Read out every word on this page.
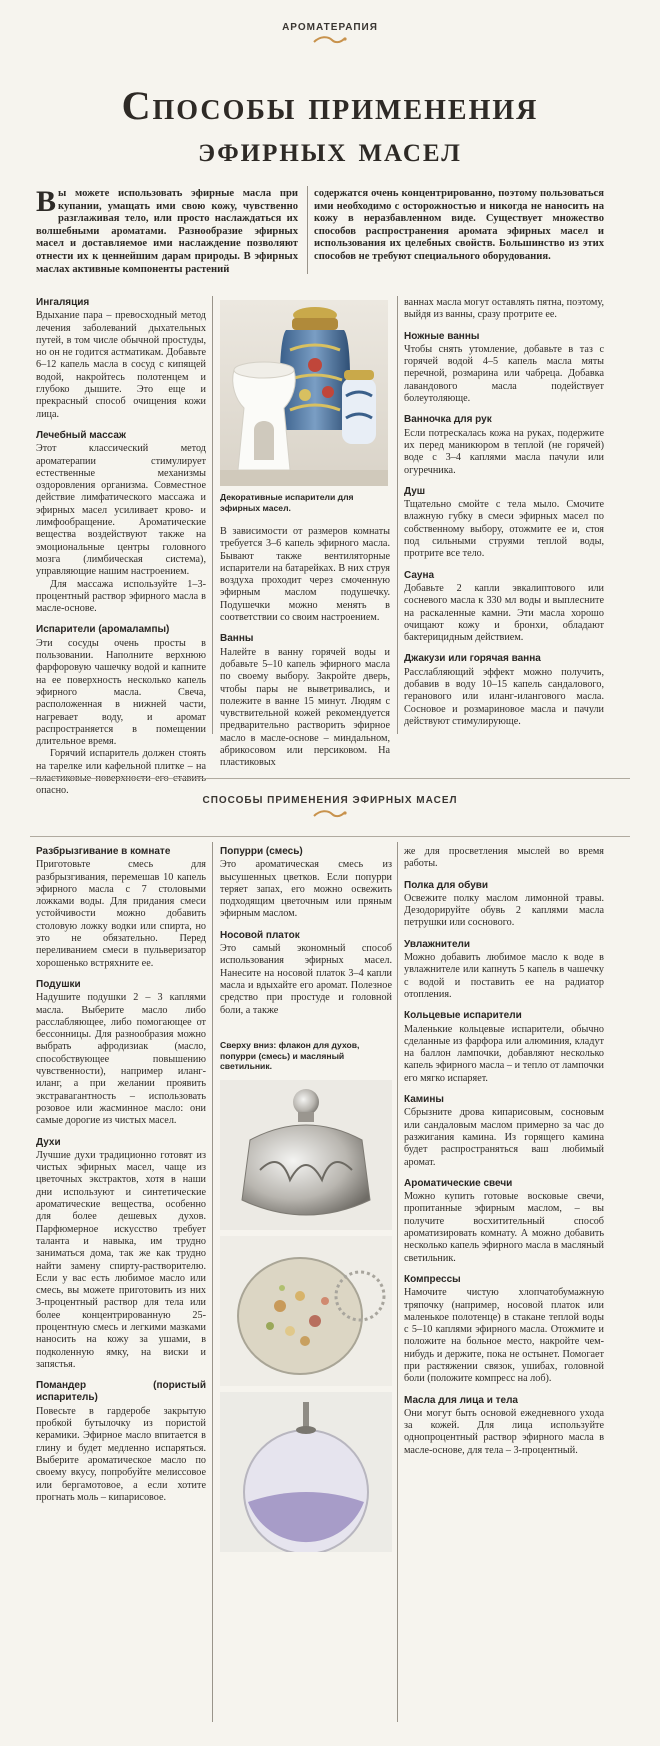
АРОМАТЕРАПИЯ
Способы применения
эфирных масел
Вы можете использовать эфирные масла при купании, умащать ими свою кожу, чувственно разглаживая тело, или просто наслаждаться их волшебными ароматами. Разнообразие эфирных масел и доставляемое ими наслаждение позволяют отнести их к ценнейшим дарам природы. В эфирных маслах активные компоненты растений
содержатся очень концентрированно, поэтому пользоваться ими необходимо с осторожностью и никогда не наносить на кожу в неразбавленном виде. Существует множество способов распространения аромата эфирных масел и использования их целебных свойств. Большинство из этих способов не требуют специального оборудования.
Ингаляция

Вдыхание пара – превосходный метод лечения заболеваний дыхательных путей, в том числе обычной простуды, но он не годится астматикам. Добавьте 6–12 капель масла в сосуд с кипящей водой, накройтесь полотенцем и глубоко дышите. Это еще и прекрасный способ очищения кожи лица.

Лечебный массаж

Этот классический метод ароматерапии стимулирует естественные механизмы оздоровления организма. Совместное действие лимфатического массажа и эфирных масел усиливает крово- и лимфообращение. Ароматические вещества воздействуют также на эмоциональные центры головного мозга (лимбическая система), управляющие нашим настроением.

Для массажа используйте 1–3-процентный раствор эфирного масла в масле-основе.

Испарители (аромалампы)

Эти сосуды очень просты в пользовании. Наполните верхнюю фарфоровую чашечку водой и капните на ее поверхность несколько капель эфирного масла. Свеча, расположенная в нижней части, нагревает воду, и аромат распространяется в помещении длительное время.

Горячий испаритель должен стоять на тарелке или кафельной плитке – на опасно.

Декоративные испарители для эфирных масел.

В зависимости от размеров комнаты требуется 3–6 капель эфирного масла. Бывают также вентиляторные испарители на батарейках. В них струя воздуха проходит через смоченную эфирным маслом подушечку. Подушечки можно менять в соответствии со своим настроением.

Ванны

Налейте в ванну горячей воды и добавьте 5–10 капель эфирного масла по своему выбору. Закройте дверь, чтобы пары не выветривались, и полежите в ванне 15 минут. Людям с чувствительной кожей рекомендуется предварительно растворить эфирное масло в масле-основе – миндальном, абрикосовом или персиковом. На пластиковых

ваннах масла могут оставлять пятна, поэтому, выйдя из ванны, сразу протрите ее.

Ножные ванны

Чтобы снять утомление, добавьте в таз с горячей водой 4–5 капель масла мяты перечной, розмарина или чабреца. Добавка лавандового масла подействует болеутоляюще.

Ванночка для рук

Если потрескалась кожа на руках, подержите их перед маникюром в теплой (не горячей) воде с 3–4 каплями масла пачули или огуречника.

Душ

Тщательно смойте с тела мыло. Смочите влажную губку в смеси эфирных масел по собственному выбору, отожмите ее и, стоя под сильными струями теплой воды, протрите все тело.

Сауна

Добавьте 2 капли эвкалиптового или сосневого масла к 330 мл воды и выплесните на раскаленные камни. Эти масла хорошо очищают кожу и бронхи, обладают бактерицидным действием.

Джакузи или горячая ванна

Расслабляющий эффект можно получить, добавив в воду 10–15 капель сандалового, геранового или иланг-илангового масла. Сосновое и розмариновое масла и пачули действуют стимулирующе.

СПОСОБЫ ПРИМЕНЕНИЯ ЭФИРНЫХ МАСЕЛ
Разбрызгивание в комнате

Приготовьте смесь для разбрызгивания, перемешав 10 капель эфирного масла с 7 столовыми ложками воды. Для придания смеси устойчивости можно добавить столовую ложку водки или спирта, но это не обязательно. Перед переливанием смеси в пульверизатор хорошенько встряхните ее.

Подушки

Надушите подушки 2 – 3 каплями масла. Выберите масло либо расслабляющее, либо помогающее от бессонницы. Для разнообразия можно выбрать афродизиак (масло, способствующее повышению чувственности), например иланг-иланг, а при желании проявить экстравагантность – использовать розовое или жасминное масло: они самые дорогие из чистых масел.

Духи

Лучшие духи традиционно готовят из чистых эфирных масел, чаще из цветочных экстрактов, хотя в наши дни используют и синтетические ароматические вещества, особенно для более дешевых духов. Парфюмерное искусство требует таланта и навыка, им трудно заниматься дома, так же как трудно найти замену спирту-растворителю. Если у вас есть любимое масло или смесь, вы можете приготовить из них 3-процентный раствор для тела или более концентрированную 25-процентную смесь и легкими мазками наносить на кожу за ушами, в подколенную ямку, на виски и запястья.

Помандер (пористый испаритель)

Повесьте в гардеробе закрытую пробкой бутылочку из пористой керамики. Эфирное масло впитается в глину и будет медленно испаряться. Выберите ароматическое масло по своему вкусу, попробуйте мелиссовое или бергамотовое, а если хотите прогнать моль – кипарисовое.

Попурри (смесь)

Это ароматическая смесь из высушенных цветков. Если попурри теряет запах, его можно освежить подходящим цветочным или пряным эфирным маслом.

Носовой платок

Это самый экономный способ использования эфирных масел. Нанесите на носовой платок 3–4 капли масла и вдыхайте его аромат. Полезное средство при простуде и головной боли, а также

Сверху вниз: флакон для духов, попурри (смесь) и масляный светильник.

же для просветления мыслей во время работы.

Полка для обуви

Освежите полку маслом лимонной травы. Дезодорируйте обувь 2 каплями масла петрушки или соснового.

Увлажнители

Можно добавить любимое масло к воде в увлажнителе или капнуть 5 капель в чашечку с водой и поставить ее на радиатор отопления.

Кольцевые испарители

Маленькие кольцевые испарители, обычно сделанные из фарфора или алюминия, кладут на баллон лампочки, добавляют несколько капель эфирного масла – и тепло от лампочки его мягко испаряет.

Камины

Сбрызните дрова кипарисовым, сосновым или сандаловым маслом примерно за час до разжигания камина. Из горящего камина будет распространяться ваш любимый аромат.

Ароматические свечи

Можно купить готовые восковые свечи, пропитанные эфирным маслом, – вы получите восхитительный способ ароматизировать комнату. А можно добавить несколько капель эфирного масла в масляный светильник.

Компрессы

Намочите чистую хлопчатобумажную тряпочку (например, носовой платок или маленькое полотенце) в стакане теплой воды с 5–10 каплями эфирного масла. Отожмите и положите на больное место, накройте чем-нибудь и держите, пока не остынет. Помогает при растяжении связок, ушибах, головной боли (положите компресс на лоб).

Масла для лица и тела

Они могут быть основой ежедневного ухода за кожей. Для лица используйте однопроцентный раствор эфирного масла в масле-основе, для тела – 3-процентный.
